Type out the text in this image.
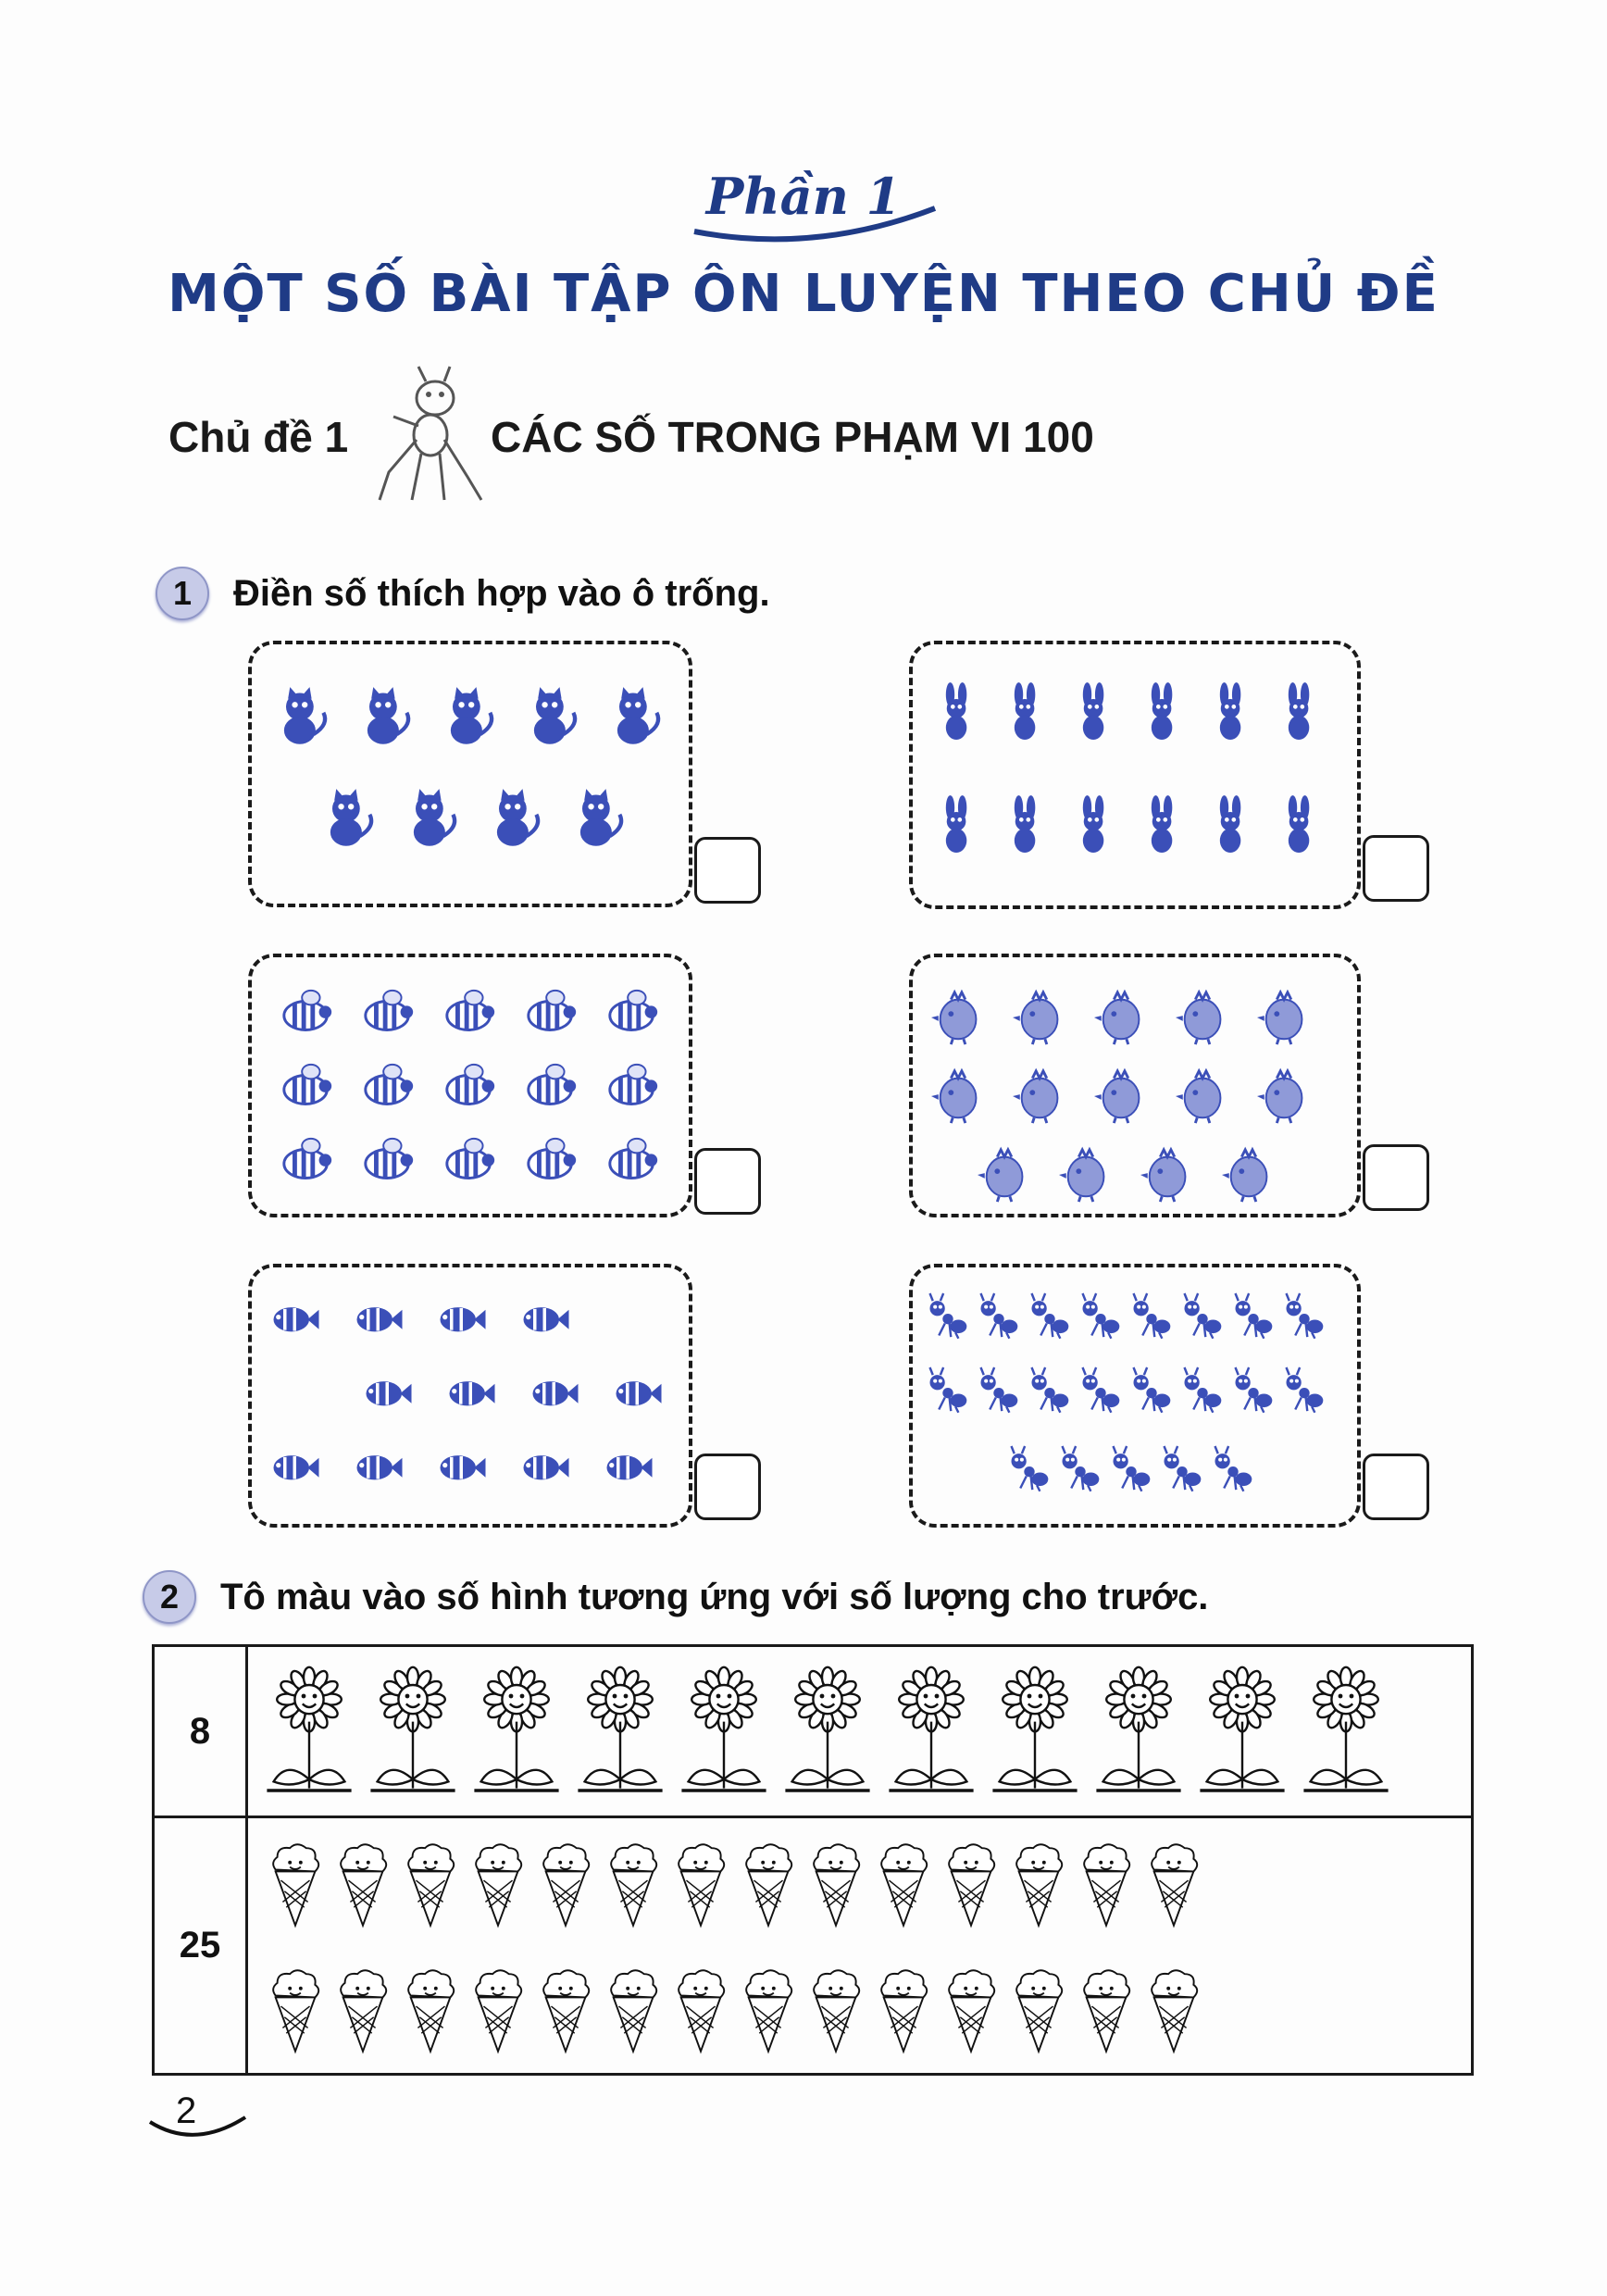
Phần 1
MỘT SỐ BÀI TẬP ÔN LUYỆN THEO CHỦ ĐỀ
Chủ đề 1	CÁC SỐ TRONG PHẠM VI 100
1	Điền số thích hợp vào ô trống.
2	Tô màu vào số hình tương ứng với số lượng cho trước.
8	

25	
2
